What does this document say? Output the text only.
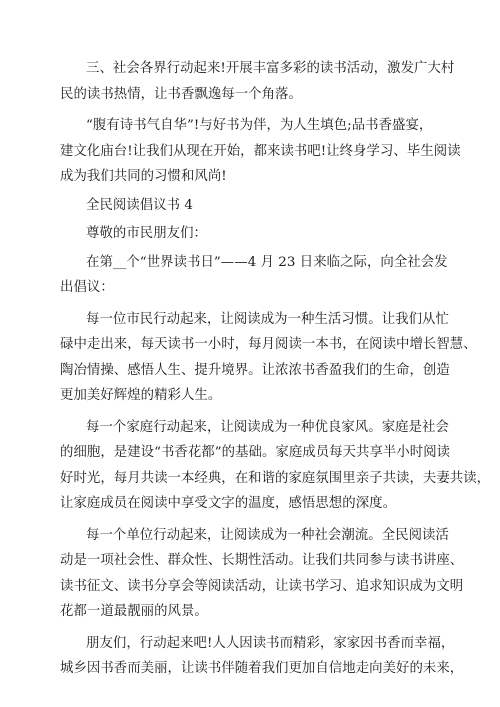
三、社会各界行动起来!开展丰富多彩的读书活动，激发广大村
民的读书热情，让书香飘逸每一个角落。
“腹有诗书气自华”!与好书为伴，为人生填色;品书香盛宴，
建文化庙台!让我们从现在开始，都来读书吧!让终身学习、毕生阅读
成为我们共同的习惯和风尚!
全民阅读倡议书 4
尊敬的市民朋友们：
在第__个“世界读书日”——4 月 23 日来临之际，向全社会发
出倡议：
每一位市民行动起来，让阅读成为一种生活习惯。让我们从忙
碌中走出来，每天读书一小时，每月阅读一本书，在阅读中增长智慧、
陶冶情操、感悟人生、提升境界。让浓浓书香盈我们的生命，创造
更加美好辉煌的精彩人生。
每一个家庭行动起来，让阅读成为一种优良家风。家庭是社会
的细胞，是建设“书香花都”的基础。家庭成员每天共享半小时阅读
好时光，每月共读一本经典，在和谐的家庭氛围里亲子共读，夫妻共读，
让家庭成员在阅读中享受文字的温度，感悟思想的深度。
每一个单位行动起来，让阅读成为一种社会潮流。全民阅读活
动是一项社会性、群众性、长期性活动。让我们共同参与读书讲座、
读书征文、读书分享会等阅读活动，让读书学习、追求知识成为文明
花都一道最靓丽的风景。
朋友们，行动起来吧!人人因读书而精彩，家家因书香而幸福，
城乡因书香而美丽，让读书伴随着我们更加自信地走向美好的未来，
